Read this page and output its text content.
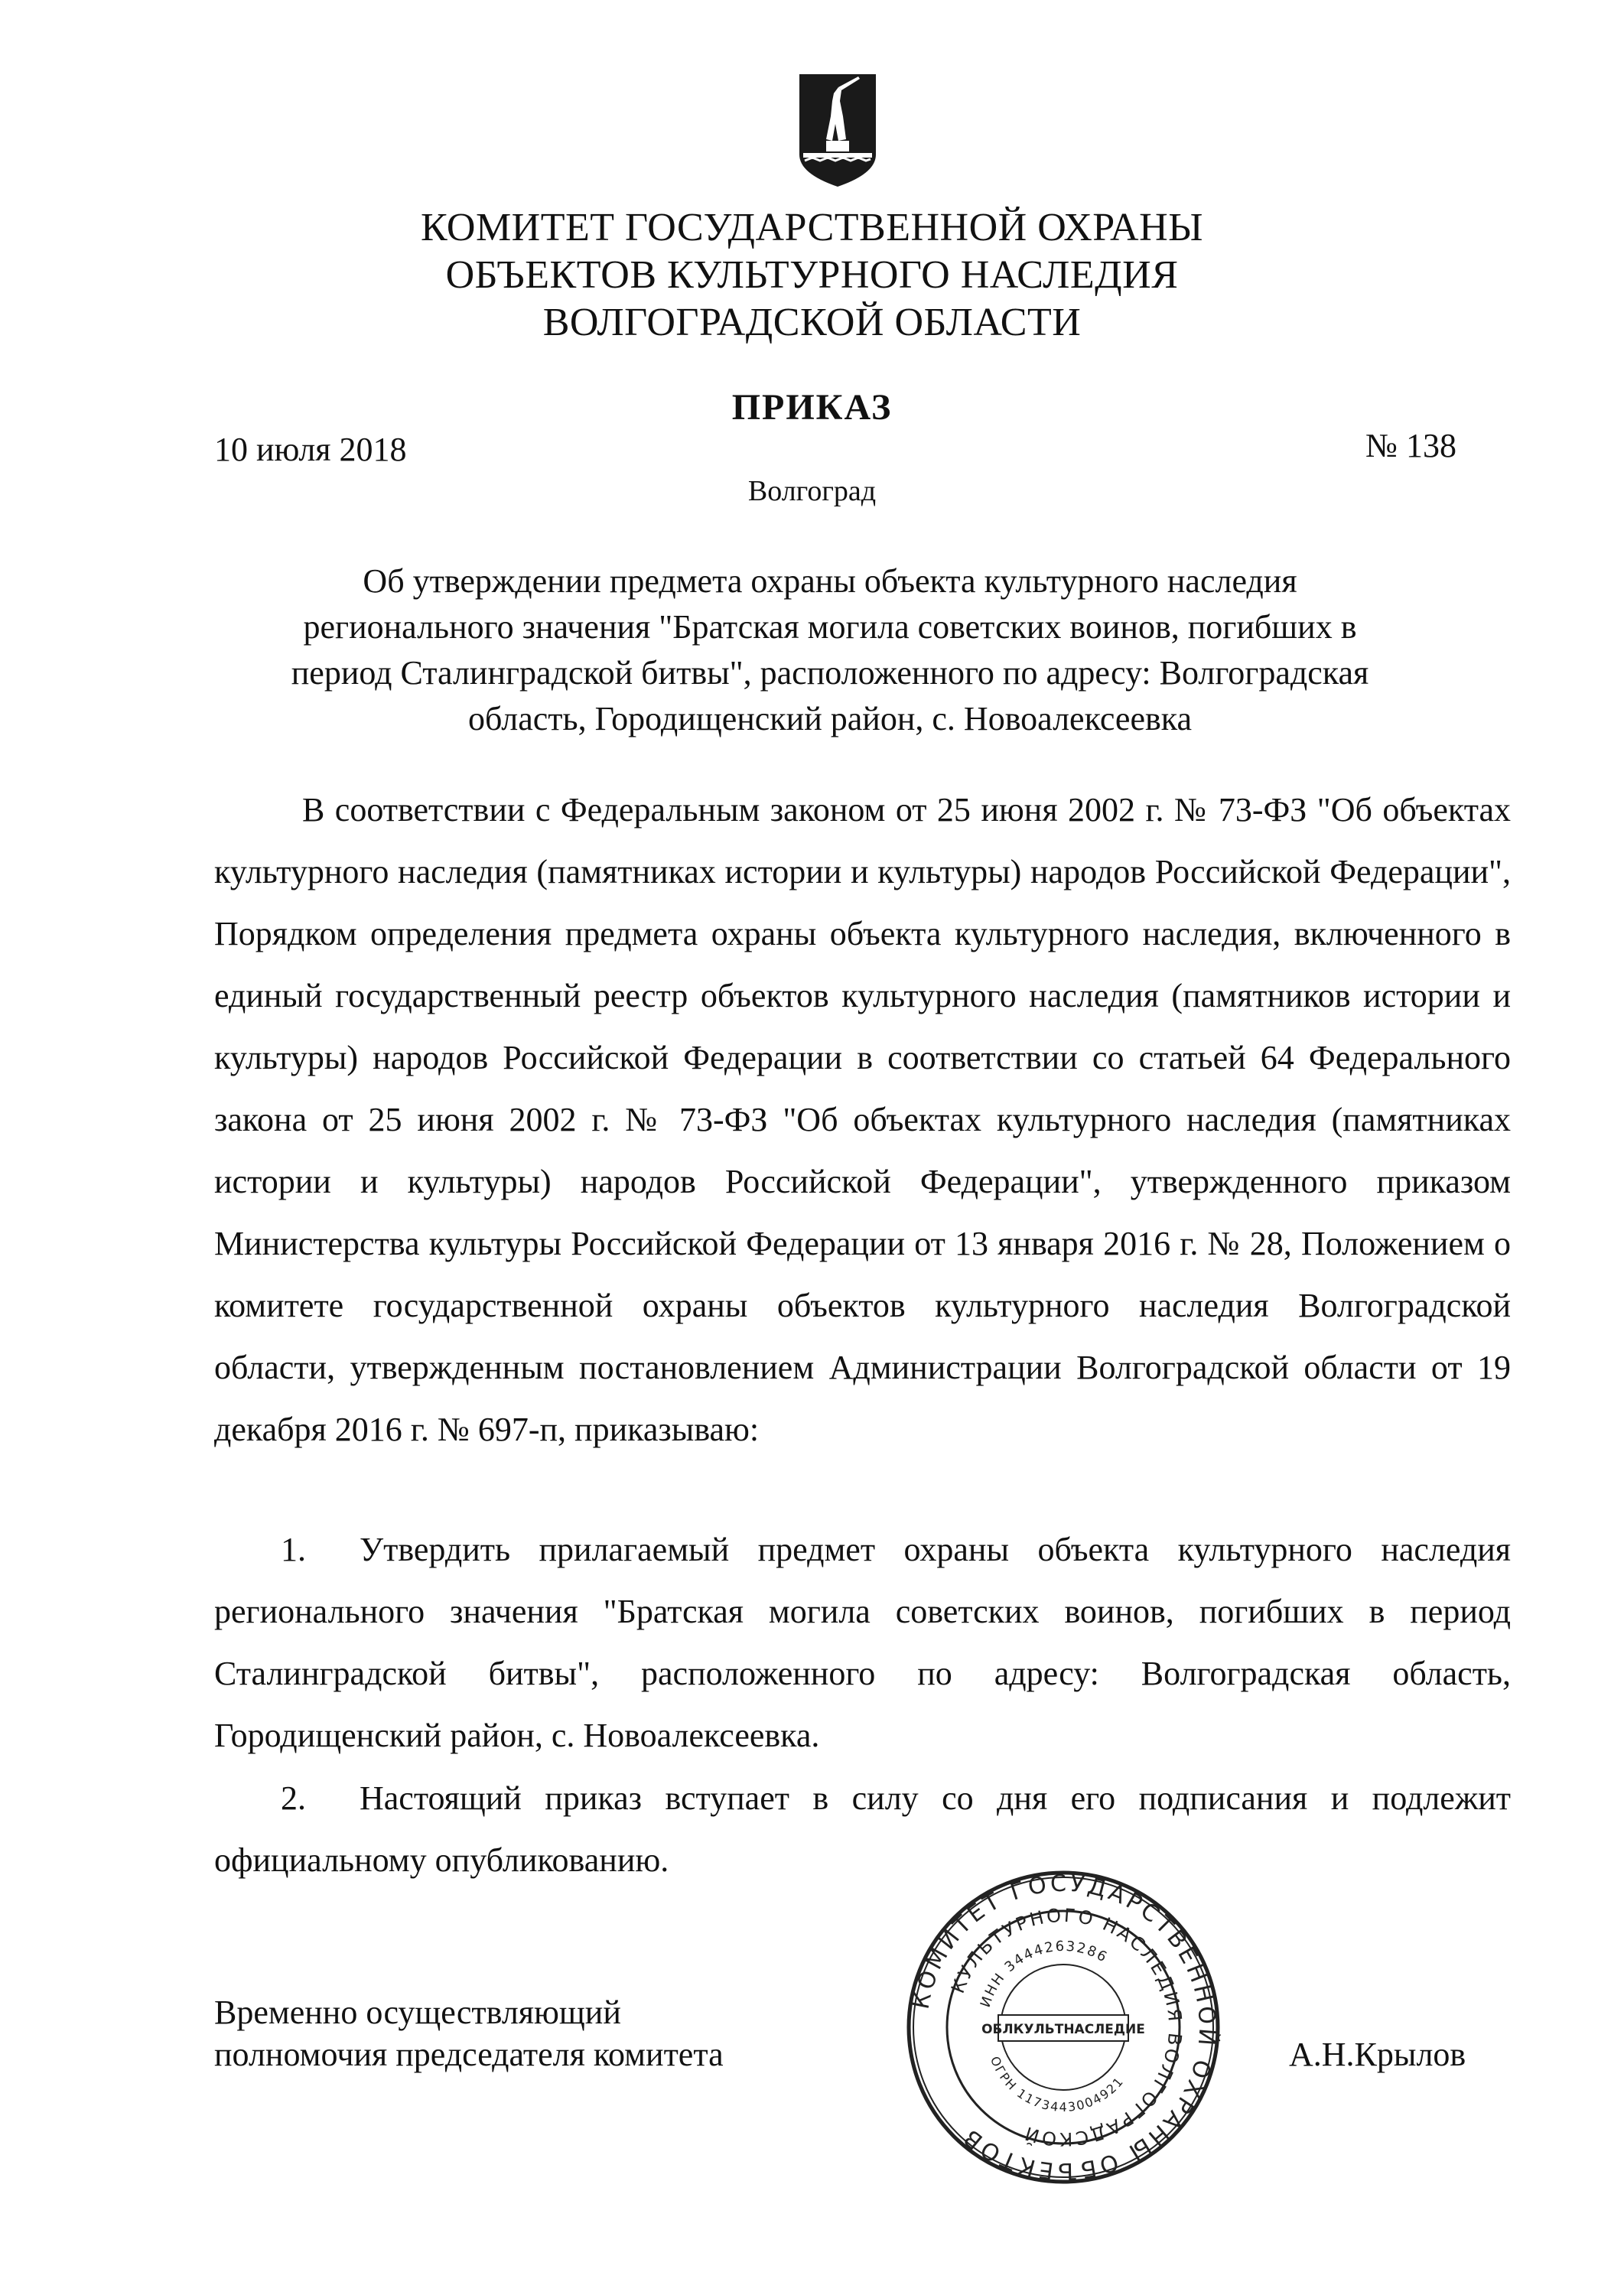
КОМИТЕТ ГОСУДАРСТВЕННОЙ ОХРАНЫ
ОБЪЕКТОВ КУЛЬТУРНОГО НАСЛЕДИЯ
ВОЛГОГРАДСКОЙ ОБЛАСТИ
ПРИКАЗ
10 июля 2018	№ 138
Волгоград
Об утверждении предмета охраны объекта культурного наследия
регионального значения "Братская могила советских воинов, погибших в
период Сталинградской битвы", расположенного по адресу: Волгоградская
область, Городищенский район, с. Новоалексеевка
В соответствии с Федеральным законом от 25 июня 2002 г. № 73-ФЗ "Об объектах культурного наследия (памятниках истории и культуры) народов Российской Федерации", Порядком определения предмета охраны объекта культурного наследия, включенного в единый государственный реестр объектов культурного наследия (памятников истории и культуры) народов Российской Федерации в соответствии со статьей 64 Федерального закона от 25 июня 2002 г. № 73-ФЗ "Об объектах культурного наследия (памятниках истории и культуры) народов Российской Федерации", утвержденного приказом Министерства культуры Российской Федерации от 13 января 2016 г. № 28, Положением о комитете государственной охраны объектов культурного наследия Волгоградской области, утвержденным постановлением Администрации Волгоградской области от 19 декабря 2016 г. № 697-п, приказываю:
1. Утвердить прилагаемый предмет охраны объекта культурного наследия регионального значения "Братская могила советских воинов, погибших в период Сталинградской битвы", расположенного по адресу: Волгоградская область, Городищенский район, с. Новоалексеевка.
2. Настоящий приказ вступает в силу со дня его подписания и подлежит официальному опубликованию.
Временно осуществляющий
полномочия председателя комитета	А.Н.Крылов
КОМИТЕТ ГОСУДАРСТВЕННОЙ ОХРАНЫ ОБЪЕКТОВ
КУЛЬТУРНОГО НАСЛЕДИЯ ВОЛГОГРАДСКОЙ
ИНН 3444263286
ОГРН 1173443004921
ОБЛКУЛЬТНАСЛЕДИЕ
